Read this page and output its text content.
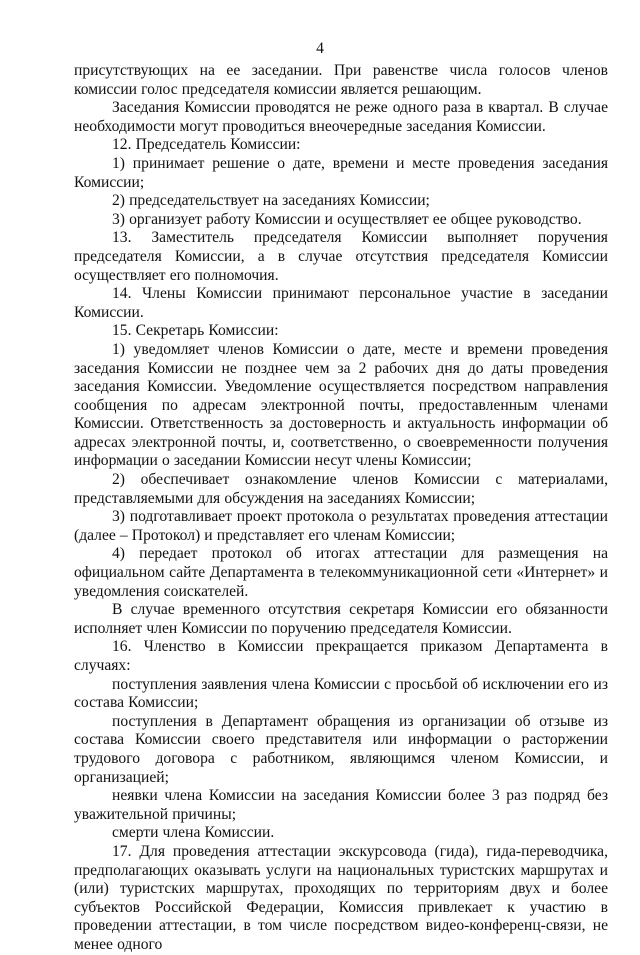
4

присутствующих на ее заседании. При равенстве числа голосов членов комиссии голос председателя комиссии является решающим.

Заседания Комиссии проводятся не реже одного раза в квартал. В случае необходимости могут проводиться внеочередные заседания Комиссии.

12. Председатель Комиссии:

1) принимает решение о дате, времени и месте проведения заседания Комиссии;

2) председательствует на заседаниях Комиссии;

3) организует работу Комиссии и осуществляет ее общее руководство.

13. Заместитель председателя Комиссии выполняет поручения председателя Комиссии, а в случае отсутствия председателя Комиссии осуществляет его полномочия.

14. Члены Комиссии принимают персональное участие в заседании Комиссии.

15. Секретарь Комиссии:

1) уведомляет членов Комиссии о дате, месте и времени проведения заседания Комиссии не позднее чем за 2 рабочих дня до даты проведения заседания Комиссии. Уведомление осуществляется посредством направления сообщения по адресам электронной почты, предоставленным членами Комиссии. Ответственность за достоверность и актуальность информации об адресах электронной почты, и, соответственно, о своевременности получения информации о заседании Комиссии несут члены Комиссии;

2) обеспечивает ознакомление членов Комиссии с материалами, представляемыми для обсуждения на заседаниях Комиссии;

3) подготавливает проект протокола о результатах проведения аттестации (далее – Протокол) и представляет его членам Комиссии;

4) передает протокол об итогах аттестации для размещения на официальном сайте Департамента в телекоммуникационной сети «Интернет» и уведомления соискателей.

В случае временного отсутствия секретаря Комиссии его обязанности исполняет член Комиссии по поручению председателя Комиссии.

16. Членство в Комиссии прекращается приказом Департамента в случаях:

поступления заявления члена Комиссии с просьбой об исключении его из состава Комиссии;

поступления в Департамент обращения из организации об отзыве из состава Комиссии своего представителя или информации о расторжении трудового договора с работником, являющимся членом Комиссии, и организацией;

неявки члена Комиссии на заседания Комиссии более 3 раз подряд без уважительной причины;

смерти члена Комиссии.

17. Для проведения аттестации экскурсовода (гида), гида-переводчика, предполагающих оказывать услуги на национальных туристских маршрутах и (или) туристских маршрутах, проходящих по территориям двух и более субъектов Российской Федерации, Комиссия привлекает к участию в проведении аттестации, в том числе посредством видео-конференц-связи, не менее одного
